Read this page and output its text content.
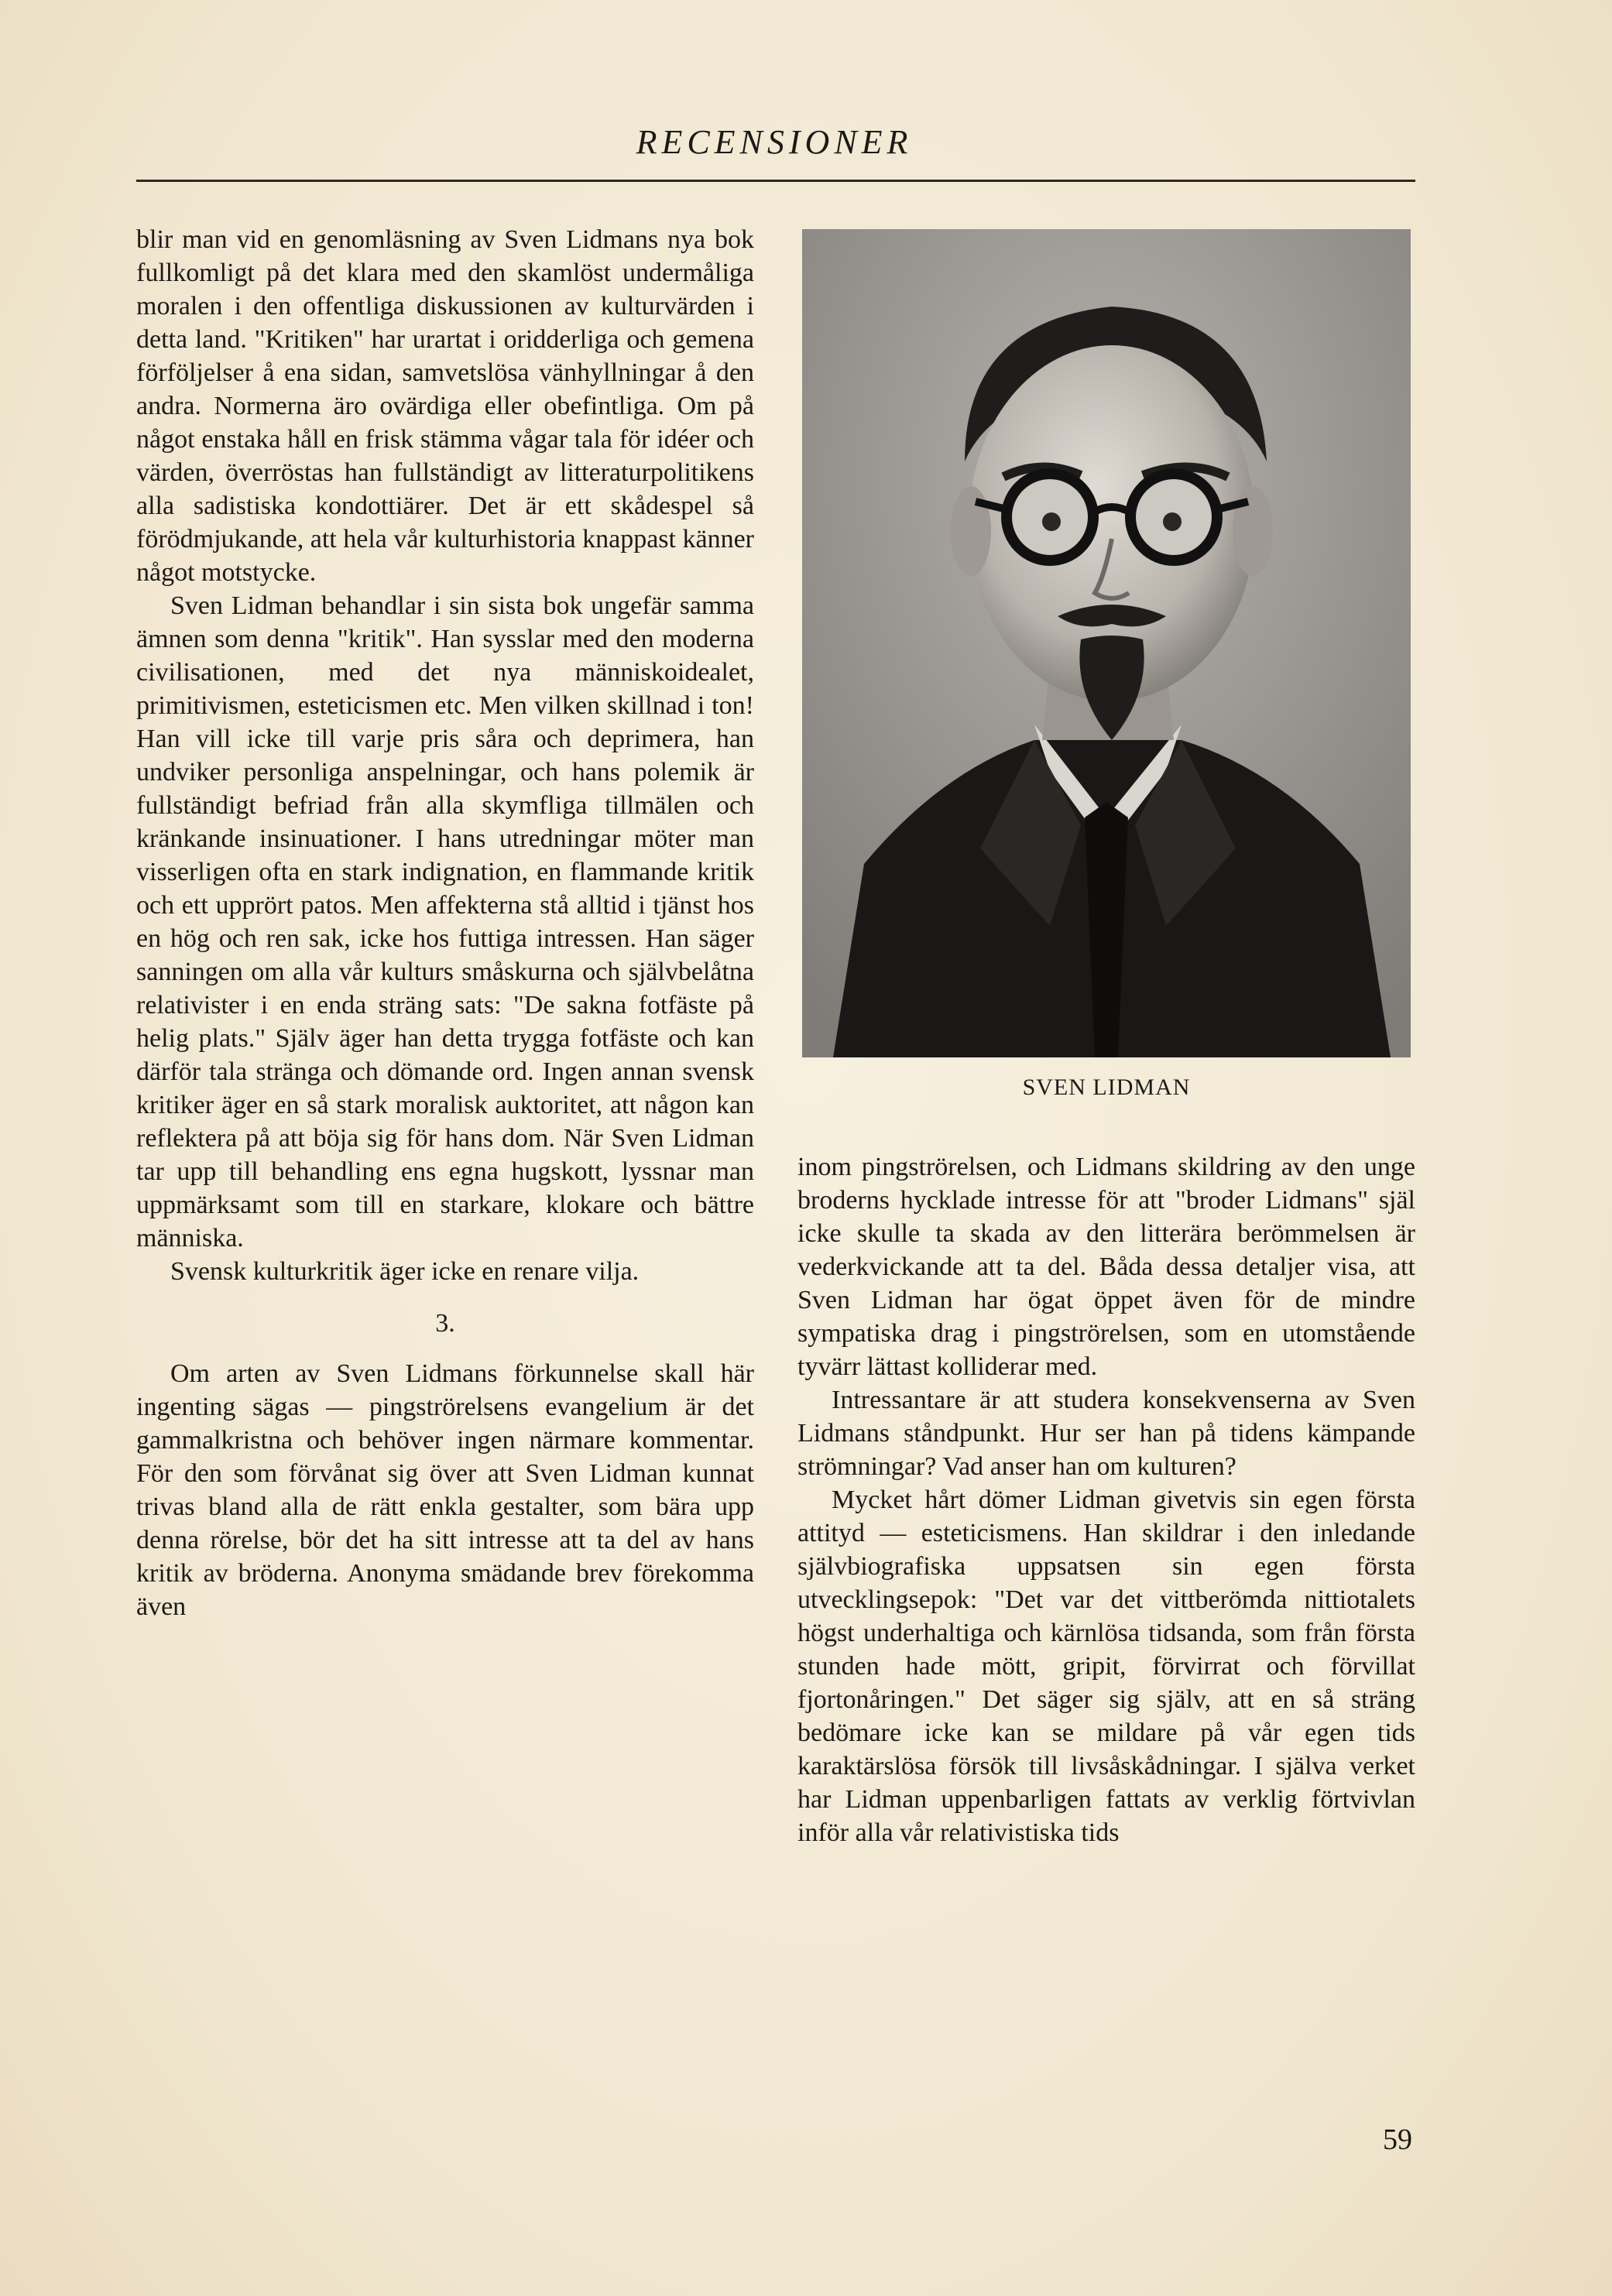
RECENSIONER

blir man vid en genomläsning av Sven Lidmans nya bok fullkomligt på det klara med den skamlöst undermåliga moralen i den offentliga diskussionen av kulturvärden i detta land. "Kritiken" har urartat i oridderliga och gemena förföljelser å ena sidan, samvetslösa vänhyllningar å den andra. Normerna äro ovärdiga eller obefintliga. Om på något enstaka håll en frisk stämma vågar tala för idéer och värden, överröstas han fullständigt av litteraturpolitikens alla sadistiska kondottiärer. Det är ett skådespel så förödmjukande, att hela vår kulturhistoria knappast känner något motstycke.

Sven Lidman behandlar i sin sista bok ungefär samma ämnen som denna "kritik". Han sysslar med den moderna civilisationen, med det nya människoidealet, primitivismen, esteticismen etc. Men vilken skillnad i ton! Han vill icke till varje pris såra och deprimera, han undviker personliga anspelningar, och hans polemik är fullständigt befriad från alla skymfliga tillmälen och kränkande insinuationer. I hans utredningar möter man visserligen ofta en stark indignation, en flammande kritik och ett upprört patos. Men affekterna stå alltid i tjänst hos en hög och ren sak, icke hos futtiga intressen. Han säger sanningen om alla vår kulturs småskurna och självbelåtna relativister i en enda sträng sats: "De sakna fotfäste på helig plats." Själv äger han detta trygga fotfäste och kan därför tala stränga och dömande ord. Ingen annan svensk kritiker äger en så stark moralisk auktoritet, att någon kan reflektera på att böja sig för hans dom. När Sven Lidman tar upp till behandling ens egna hugskott, lyssnar man uppmärksamt som till en starkare, klokare och bättre människa.

Svensk kulturkritik äger icke en renare vilja.

3.

Om arten av Sven Lidmans förkunnelse skall här ingenting sägas — pingströrelsens evangelium är det gammalkristna och behöver ingen närmare kommentar. För den som förvånat sig över att Sven Lidman kunnat trivas bland alla de rätt enkla gestalter, som bära upp denna rörelse, bör det ha sitt intresse att ta del av hans kritik av bröderna. Anonyma smädande brev förekomma även

SVEN LIDMAN

inom pingströrelsen, och Lidmans skildring av den unge broderns hycklade intresse för att "broder Lidmans" själ icke skulle ta skada av den litterära berömmelsen är vederkvickande att ta del. Båda dessa detaljer visa, att Sven Lidman har ögat öppet även för de mindre sympatiska drag i pingströrelsen, som en utomstående tyvärr lättast kolliderar med.

Intressantare är att studera konsekvenserna av Sven Lidmans ståndpunkt. Hur ser han på tidens kämpande strömningar? Vad anser han om kulturen?

Mycket hårt dömer Lidman givetvis sin egen första attityd — esteticismens. Han skildrar i den inledande självbiografiska uppsatsen sin egen första utvecklingsepok: "Det var det vittberömda nittiotalets högst underhaltiga och kärnlösa tidsanda, som från första stunden hade mött, gripit, förvirrat och förvillat fjortonåringen." Det säger sig själv, att en så sträng bedömare icke kan se mildare på vår egen tids karaktärslösa försök till livsåskådningar. I själva verket har Lidman uppenbarligen fattats av verklig förtvivlan inför alla vår relativistiska tids

59
